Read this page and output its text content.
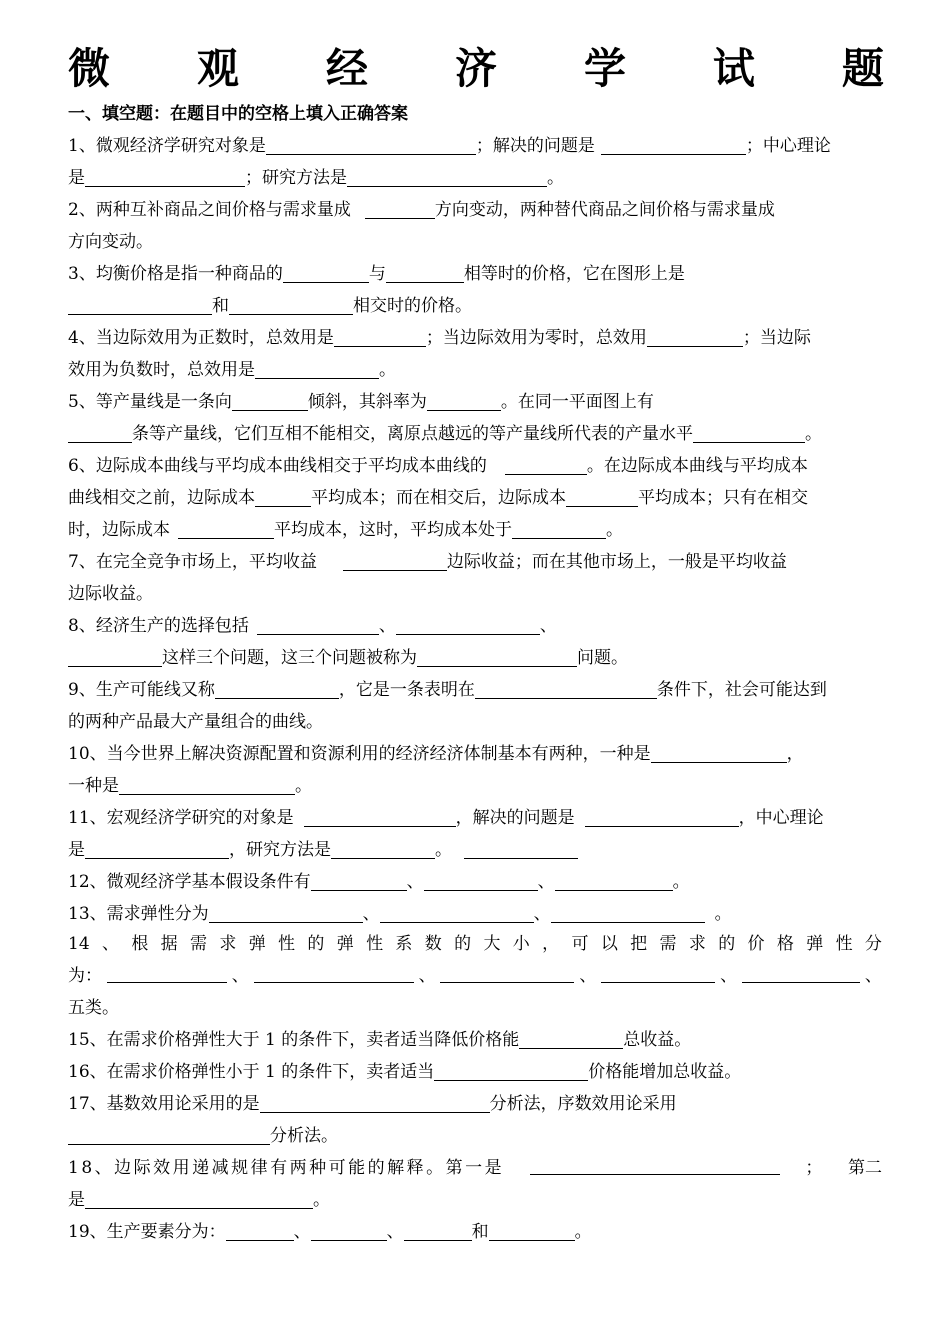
微 观 经 济 学 试 题
一、填空题：在题目中的空格上填入正确答案
1、微观经济学研究对象是	；解决的问题是	；中心理论
是	；研究方法是	。
2、两种互补商品之间价格与需求量成	方向变动，两种替代商品之间价格与需求量成
方向变动。
3、均衡价格是指一种商品的	与	相等时的价格，它在图形上是
和	相交时的价格。
4、当边际效用为正数时，总效用是	；当边际效用为零时，总效用	；当边际
效用为负数时，总效用是	。
5、等产量线是一条向	倾斜，其斜率为	。在同一平面图上有
条等产量线，它们互相不能相交，离原点越远的等产量线所代表的产量水平	。
6、边际成本曲线与平均成本曲线相交于平均成本曲线的	。在边际成本曲线与平均成本
曲线相交之前，边际成本	平均成本；而在相交后，边际成本	平均成本；只有在相交
时，边际成本	平均成本，这时，平均成本处于	。
7、在完全竞争市场上，平均收益	边际收益；而在其他市场上，一般是平均收益
边际收益。
8、经济生产的选择包括	、	、
这样三个问题，这三个问题被称为	问题。
9、生产可能线又称	，它是一条表明在	条件下，社会可能达到
的两种产品最大产量组合的曲线。
10、当今世界上解决资源配置和资源利用的经济经济体制基本有两种，一种是	，
一种是	。
11、宏观经济学研究的对象是	，解决的问题是	，中心理论
是	，研究方法是	。
12、微观经济学基本假设条件有	、	、	。
13、需求弹性分为	、	、	。
14 、 根 据 需 求 弹 性 的 弹 性 系 数 的 大 小 ， 可 以 把 需 求 的 价 格 弹 性 分
为：	、	、	、	、	、
五类。
15、在需求价格弹性大于 1 的条件下，卖者适当降低价格能	总收益。
16、在需求价格弹性小于 1 的条件下，卖者适当	价格能增加总收益。
17、基数效用论采用的是	分析法，序数效用论采用
分析法。
18、边际效用递减规律有两种可能的解释。第一是	； 第二
是	。
19、生产要素分为：	、	、	和	。
